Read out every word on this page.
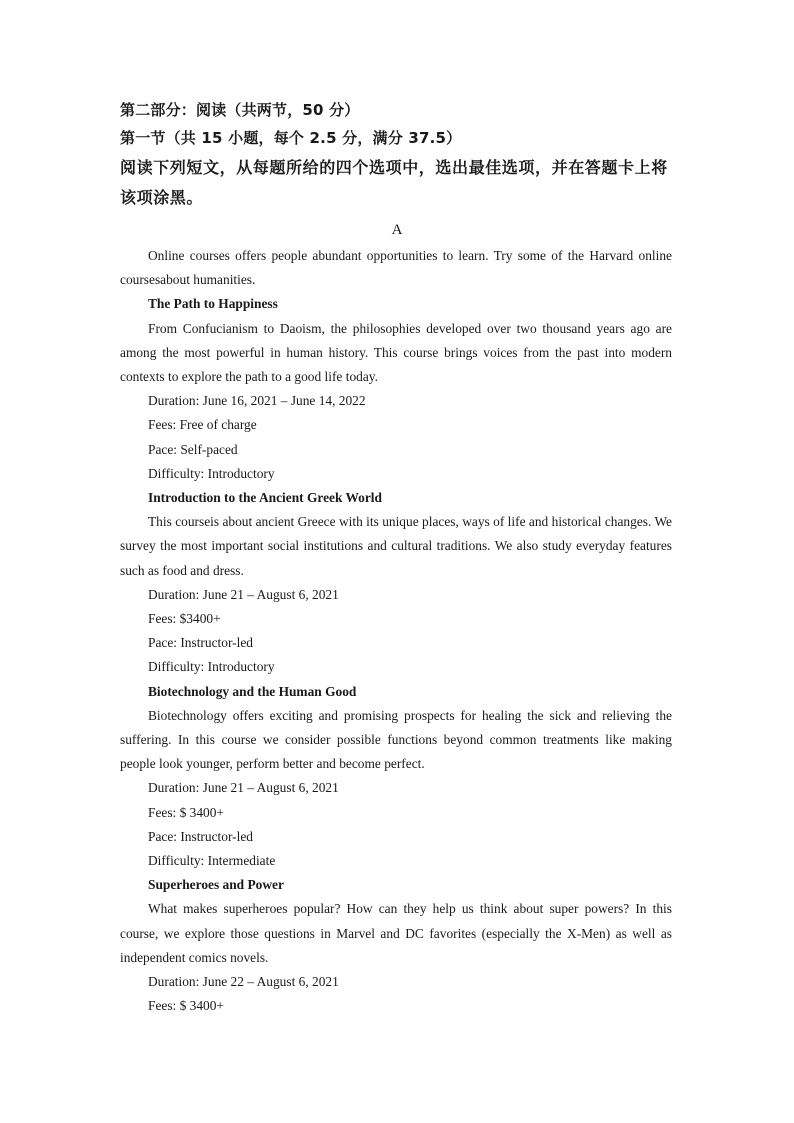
第二部分：阅读（共两节，50 分）

第一节（共 15 小题，每个 2.5 分，满分 37.5）

阅读下列短文，从每题所给的四个选项中，选出最佳选项，并在答题卡上将该项涂黑。

A

Online courses offers people abundant opportunities to learn. Try some of the Harvard online coursesabout humanities.

The Path to Happiness

From Confucianism to Daoism, the philosophies developed over two thousand years ago are among the most powerful in human history. This course brings voices from the past into modern contexts to explore the path to a good life today.

Duration: June 16, 2021 – June 14, 2022

Fees: Free of charge

Pace: Self-paced

Difficulty: Introductory

Introduction to the Ancient Greek World

This courseis about ancient Greece with its unique places, ways of life and historical changes. We survey the most important social institutions and cultural traditions. We also study everyday features such as food and dress.

Duration: June 21 – August 6, 2021

Fees: $3400+

Pace: Instructor-led

Difficulty: Introductory

Biotechnology and the Human Good

Biotechnology offers exciting and promising prospects for healing the sick and relieving the suffering. In this course we consider possible functions beyond common treatments like making people look younger, perform better and become perfect.

Duration: June 21 – August 6, 2021

Fees: $ 3400+

Pace: Instructor-led

Difficulty: Intermediate

Superheroes and Power

What makes superheroes popular? How can they help us think about super powers? In this course, we explore those questions in Marvel and DC favorites (especially the X-Men) as well as independent comics novels.

Duration: June 22 – August 6, 2021

Fees: $ 3400+
